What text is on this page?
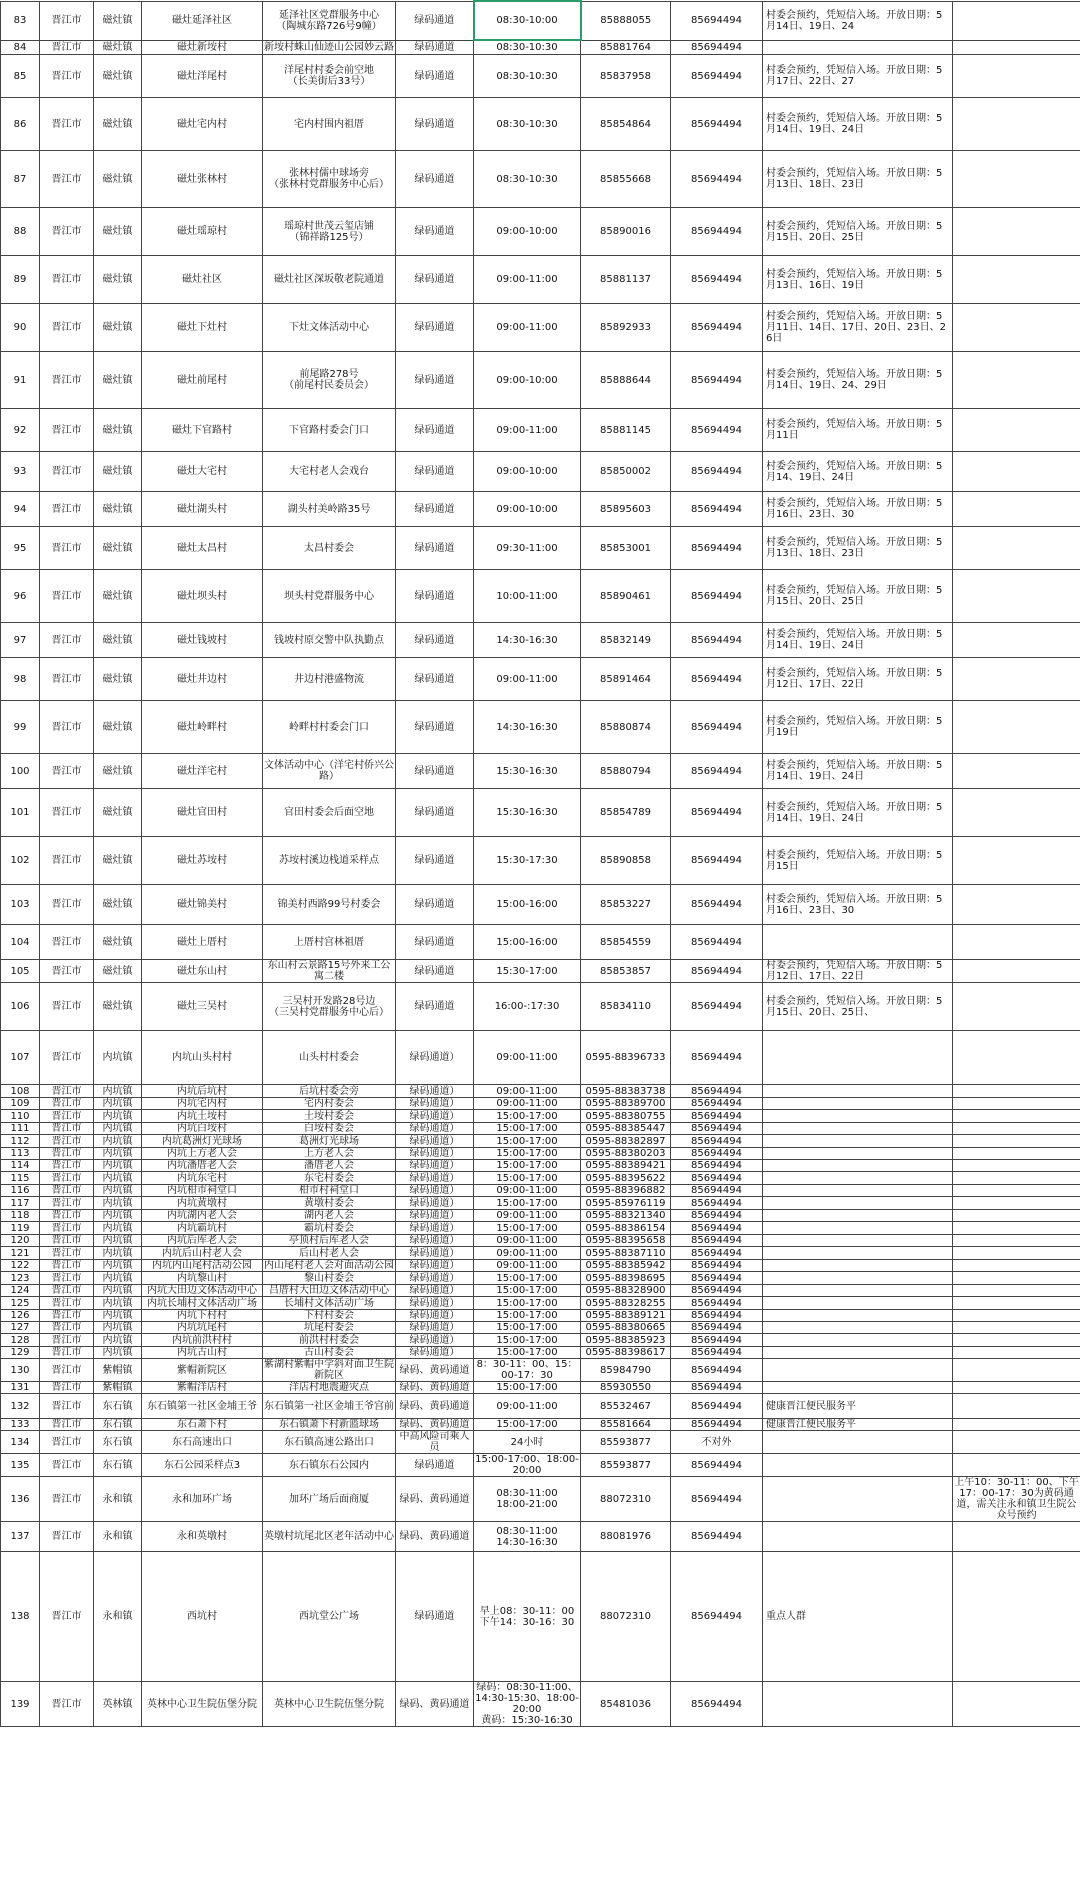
83	晋江市	磁灶镇	磁灶延泽社区	延泽社区党群服务中心
（陶城东路726号9幢）	绿码通道	08:30-10:00	85888055	85694494	村委会预约，凭短信入场。开放日期：5月14日、19日、24	
84	晋江市	磁灶镇	磁灶新垵村	新垵村蛛山仙迹山公园妙云路	绿码通道	08:30-10:30	85881764	85694494		
85	晋江市	磁灶镇	磁灶洋尾村	洋尾村村委会前空地
（长美街后33号）	绿码通道	08:30-10:30	85837958	85694494	村委会预约，凭短信入场。开放日期：5月17日、22日、27	
86	晋江市	磁灶镇	磁灶宅内村	宅内村围内祖厝	绿码通道	08:30-10:30	85854864	85694494	村委会预约，凭短信入场。开放日期：5月14日、19日、24日	
87	晋江市	磁灶镇	磁灶张林村	张林村儒中球场旁
（张林村党群服务中心后）	绿码通道	08:30-10:30	85855668	85694494	村委会预约，凭短信入场。开放日期：5月13日、18日、23日	
88	晋江市	磁灶镇	磁灶瑶琼村	瑶琼村世茂云玺店铺
（锦祥路125号）	绿码通道	09:00-10:00	85890016	85694494	村委会预约，凭短信入场。开放日期：5月15日、20日、25日	
89	晋江市	磁灶镇	磁灶社区	磁灶社区深坂敬老院通道	绿码通道	09:00-11:00	85881137	85694494	村委会预约，凭短信入场。开放日期：5月13日、16日、19日	
90	晋江市	磁灶镇	磁灶下灶村	下灶文体活动中心	绿码通道	09:00-11:00	85892933	85694494	村委会预约，凭短信入场。开放日期：5月11日、14日、17日、20日、23日、26日	
91	晋江市	磁灶镇	磁灶前尾村	前尾路278号
（前尾村民委员会）	绿码通道	09:00-10:00	85888644	85694494	村委会预约，凭短信入场。开放日期：5月14日、19日、24、29日	
92	晋江市	磁灶镇	磁灶下官路村	下官路村委会门口	绿码通道	09:00-11:00	85881145	85694494	村委会预约，凭短信入场。开放日期：5月11日	
93	晋江市	磁灶镇	磁灶大宅村	大宅村老人会戏台	绿码通道	09:00-10:00	85850002	85694494	村委会预约，凭短信入场。开放日期：5月14、19日、24日	
94	晋江市	磁灶镇	磁灶湖头村	湖头村美岭路35号	绿码通道	09:00-10:00	85895603	85694494	村委会预约，凭短信入场。开放日期：5月16日、23日、30	
95	晋江市	磁灶镇	磁灶太昌村	太昌村委会	绿码通道	09:30-11:00	85853001	85694494	村委会预约，凭短信入场。开放日期：5月13日、18日、23日	
96	晋江市	磁灶镇	磁灶坝头村	坝头村党群服务中心	绿码通道	10:00-11:00	85890461	85694494	村委会预约，凭短信入场。开放日期：5月15日、20日、25日	
97	晋江市	磁灶镇	磁灶钱坡村	钱坡村原交警中队执勤点	绿码通道	14:30-16:30	85832149	85694494	村委会预约，凭短信入场。开放日期：5月14日、19日、24日	
98	晋江市	磁灶镇	磁灶井边村	井边村港盛物流	绿码通道	09:00-11:00	85891464	85694494	村委会预约，凭短信入场。开放日期：5月12日、17日、22日	
99	晋江市	磁灶镇	磁灶岭畔村	岭畔村村委会门口	绿码通道	14:30-16:30	85880874	85694494	村委会预约，凭短信入场。开放日期：5月19日	
100	晋江市	磁灶镇	磁灶洋宅村	文体活动中心（洋宅村侨兴公路）	绿码通道	15:30-16:30	85880794	85694494	村委会预约，凭短信入场。开放日期：5月14日、19日、24日	
101	晋江市	磁灶镇	磁灶官田村	官田村委会后面空地	绿码通道	15:30-16:30	85854789	85694494	村委会预约，凭短信入场。开放日期：5月14日、19日、24日	
102	晋江市	磁灶镇	磁灶苏垵村	苏垵村溪边栈道采样点	绿码通道	15:30-17:30	85890858	85694494	村委会预约，凭短信入场。开放日期：5月15日	
103	晋江市	磁灶镇	磁灶锦美村	锦美村西路99号村委会	绿码通道	15:00-16:00	85853227	85694494	村委会预约，凭短信入场。开放日期：5月16日、23日、30	
104	晋江市	磁灶镇	磁灶上厝村	上厝村宫林祖厝	绿码通道	15:00-16:00	85854559	85694494		
105	晋江市	磁灶镇	磁灶东山村	东山村云景路15号外来工公寓二楼	绿码通道	15:30-17:00	85853857	85694494	村委会预约，凭短信入场。开放日期：5月12日、17日、22日	
106	晋江市	磁灶镇	磁灶三吴村	三吴村开发路28号边
（三吴村党群服务中心后）	绿码通道	16:00-:17:30	85834110	85694494	村委会预约，凭短信入场。开放日期：5月15日、20日、25日、	
107	晋江市	内坑镇	内坑山头村村	山头村村委会	绿码通道）	09:00-11:00	0595-88396733	85694494		
108	晋江市	内坑镇	内坑后坑村	后坑村委会旁	绿码通道）	09:00-11:00	0595-88383738	85694494		
109	晋江市	内坑镇	内坑宅内村	宅内村委会	绿码通道）	09:00-11:00	0595-88389700	85694494		
110	晋江市	内坑镇	内坑土垵村	土垵村委会	绿码通道）	15:00-17:00	0595-88380755	85694494		
111	晋江市	内坑镇	内坑白垵村	白垵村委会	绿码通道）	15:00-17:00	0595-88385447	85694494		
112	晋江市	内坑镇	内坑葛洲灯光球场	葛洲灯光球场	绿码通道）	15:00-17:00	0595-88382897	85694494		
113	晋江市	内坑镇	内坑上方老人会	上方老人会	绿码通道）	15:00-17:00	0595-88380203	85694494		
114	晋江市	内坑镇	内坑潘厝老人会	潘厝老人会	绿码通道）	15:00-17:00	0595-88389421	85694494		
115	晋江市	内坑镇	内坑东宅村	东宅村委会	绿码通道）	15:00-17:00	0595-88395622	85694494		
116	晋江市	内坑镇	内坑柑市祠堂口	柑市村祠堂口	绿码通道）	09:00-11:00	0595-88396882	85694494		
117	晋江市	内坑镇	内坑黄墩村	黄墩村委会	绿码通道）	15:00-17:00	0595-85976119	85694494		
118	晋江市	内坑镇	内坑湖内老人会	湖内老人会	绿码通道）	09:00-11:00	0595-88321340	85694494		
119	晋江市	内坑镇	内坑霸坑村	霸坑村委会	绿码通道）	15:00-17:00	0595-88386154	85694494		
120	晋江市	内坑镇	内坑后库老人会	亭顶村后库老人会	绿码通道）	09:00-11:00	0595-88395658	85694494		
121	晋江市	内坑镇	内坑后山村老人会	后山村老人会	绿码通道）	09:00-11:00	0595-88387110	85694494		
122	晋江市	内坑镇	内坑内山尾村活动公园	内山尾村老人会对面活动公园	绿码通道）	09:00-11:00	0595-88385942	85694494		
123	晋江市	内坑镇	内坑黎山村	黎山村委会	绿码通道）	15:00-17:00	0595-88398695	85694494		
124	晋江市	内坑镇	内坑大田边文体活动中心	吕厝村大田边文体活动中心	绿码通道）	15:00-17:00	0595-88328900	85694494		
125	晋江市	内坑镇	内坑长埔村文体活动广场	长埔村文体活动广场	绿码通道）	15:00-17:00	0595-88328255	85694494		
126	晋江市	内坑镇	内坑下村村	下村村委会	绿码通道）	15:00-17:00	0595-88389121	85694494		
127	晋江市	内坑镇	内坑坑尾村	坑尾村委会	绿码通道）	15:00-17:00	0595-88380665	85694494		
128	晋江市	内坑镇	内坑前洪村村	前洪村村委会	绿码通道）	15:00-17:00	0595-88385923	85694494		
129	晋江市	内坑镇	内坑古山村	古山村委会	绿码通道）	15:00-17:00	0595-88398617	85694494		
130	晋江市	紫帽镇	紫帽新院区	紫湖村紫帽中学斜对面卫生院新院区	绿码、黄码通道	8：30-11：00、15：00-17：30	85984790	85694494		
131	晋江市	紫帽镇	紫帽洋店村	洋店村地震避灾点	绿码、黄码通道	15:00-17:00	85930550	85694494		
132	晋江市	东石镇	东石镇第一社区金埔王爷	东石镇第一社区金埔王爷宫前	绿码、黄码通道	09:00-11:00	85532467	85694494	健康晋江便民服务平	
133	晋江市	东石镇	东石萧下村	东石镇萧下村新篮球场	绿码、黄码通道	15:00-17:00	85581664	85694494	健康晋江便民服务平	
134	晋江市	东石镇	东石高速出口	东石镇高速公路出口	中高风险司乘人员	24小时	85593877	不对外		
135	晋江市	东石镇	东石公园采样点3	东石镇东石公园内	绿码通道	15:00-17:00、18:00-20:00	85593877	85694494		
136	晋江市	永和镇	永和加环广场	加环广场后面商厦	绿码、黄码通道	08:30-11:00
18:00-21:00	88072310	85694494		上午10：30-11：00、下午17：00-17：30为黄码通道，需关注永和镇卫生院公众号预约
137	晋江市	永和镇	永和英墩村	英墩村坑尾北区老年活动中心	绿码、黄码通道	08:30-11:00
14:30-16:30	88081976	85694494		
138	晋江市	永和镇	西坑村	西坑堂公广场	绿码通道	早上08：30-11：00
下午14：30-16：30	88072310	85694494	重点人群	
139	晋江市	英林镇	英林中心卫生院伍堡分院	英林中心卫生院伍堡分院	绿码、黄码通道	绿码：08:30-11:00、14:30-15:30、18:00-20:00
黄码：15:30-16:30	85481036	85694494		
